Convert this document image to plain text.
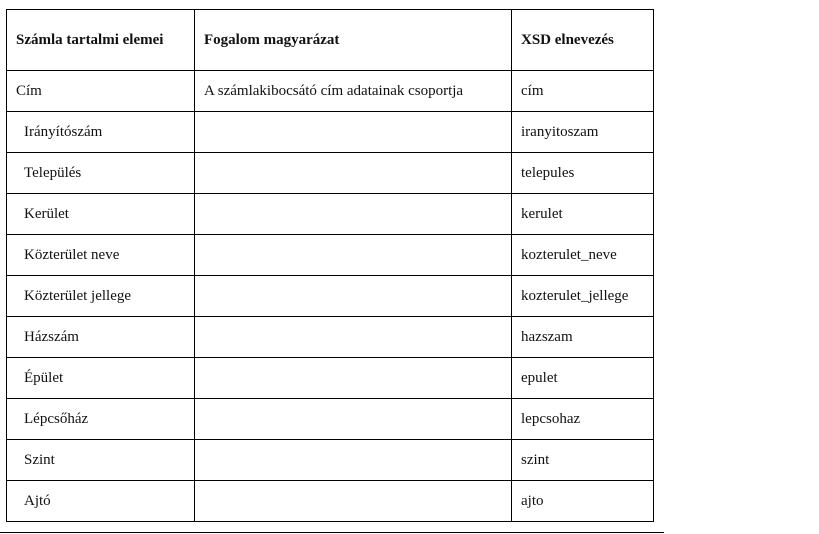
Számla tartalmi elemei	Fogalom magyarázat	XSD elnevezés
Cím	A számlakibocsátó cím adatainak csoportja	cím
Irányítószám		iranyitoszam
Település		telepules
Kerület		kerulet
Közterület neve		kozterulet_neve
Közterület jellege		kozterulet_jellege
Házszám		hazszam
Épület		epulet
Lépcsőház		lepcsohaz
Szint		szint
Ajtó		ajto
